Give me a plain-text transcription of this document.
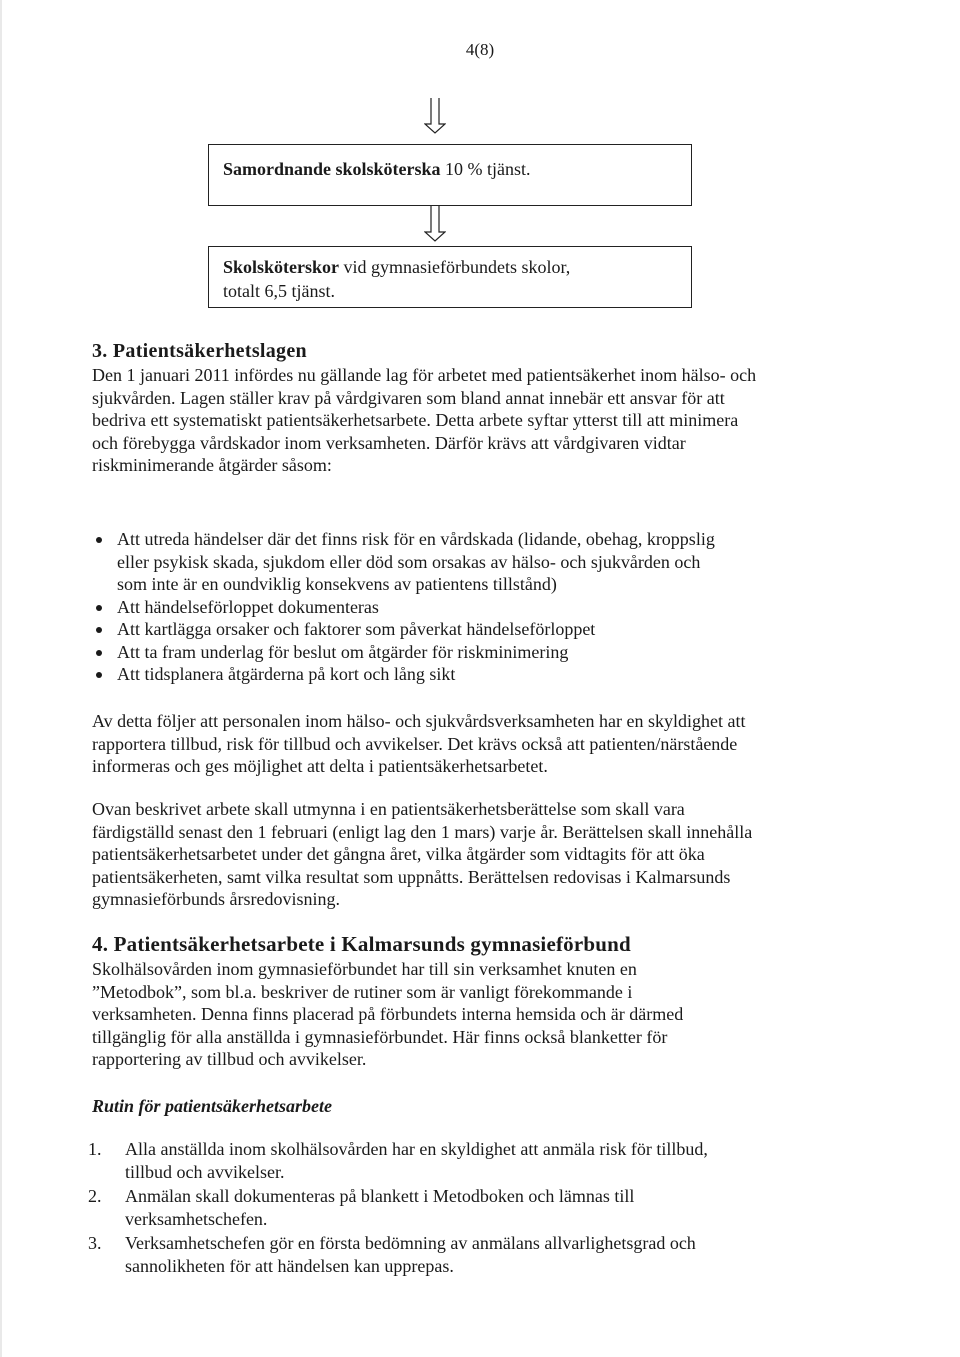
4(8)
Samordnande skolsköterska 10 % tjänst.
Skolsköterskor vid gymnasieförbundets skolor,
totalt 6,5 tjänst.
3. Patientsäkerhetslagen

Den 1 januari 2011 infördes nu gällande lag för arbetet med patientsäkerhet inom hälso- och sjukvården. Lagen ställer krav på vårdgivaren som bland annat innebär ett ansvar för att bedriva ett systematiskt patientsäkerhetsarbete. Detta arbete syftar ytterst till att minimera och förebygga vårdskador inom verksamheten. Därför krävs att vårdgivaren vidtar riskminimerande åtgärder såsom:

Att utreda händelser där det finns risk för en vårdskada (lidande, obehag, kroppslig eller psykisk skada, sjukdom eller död som orsakas av hälso- och sjukvården och som inte är en oundviklig konsekvens av patientens tillstånd)
Att händelseförloppet dokumenteras
Att kartlägga orsaker och faktorer som påverkat händelseförloppet
Att ta fram underlag för beslut om åtgärder för riskminimering
Att tidsplanera åtgärderna på kort och lång sikt

Av detta följer att personalen inom hälso- och sjukvårdsverksamheten har en skyldighet att rapportera tillbud, risk för tillbud och avvikelser. Det krävs också att patienten/närstående informeras och ges möjlighet att delta i patientsäkerhetsarbetet.

Ovan beskrivet arbete skall utmynna i en patientsäkerhetsberättelse som skall vara färdigställd senast den 1 februari (enligt lag den 1 mars) varje år. Berättelsen skall innehålla patientsäkerhetsarbetet under det gångna året, vilka åtgärder som vidtagits för att öka patientsäkerheten, samt vilka resultat som uppnåtts. Berättelsen redovisas i Kalmarsunds gymnasieförbunds årsredovisning.

4. Patientsäkerhetsarbete i Kalmarsunds gymnasieförbund

Skolhälsovården inom gymnasieförbundet har till sin verksamhet knuten en ”Metodbok”, som bl.a. beskriver de rutiner som är vanligt förekommande i verksamheten. Denna finns placerad på förbundets interna hemsida och är därmed tillgänglig för alla anställda i gymnasieförbundet. Här finns också blanketter för rapportering av tillbud och avvikelser.

Rutin för patientsäkerhetsarbete
1. Alla anställda inom skolhälsovården har en skyldighet att anmäla risk för tillbud, tillbud och avvikelser.
2. Anmälan skall dokumenteras på blankett i Metodboken och lämnas till verksamhetschefen.
3. Verksamhetschefen gör en första bedömning av anmälans allvarlighetsgrad och sannolikheten för att händelsen kan upprepas.
